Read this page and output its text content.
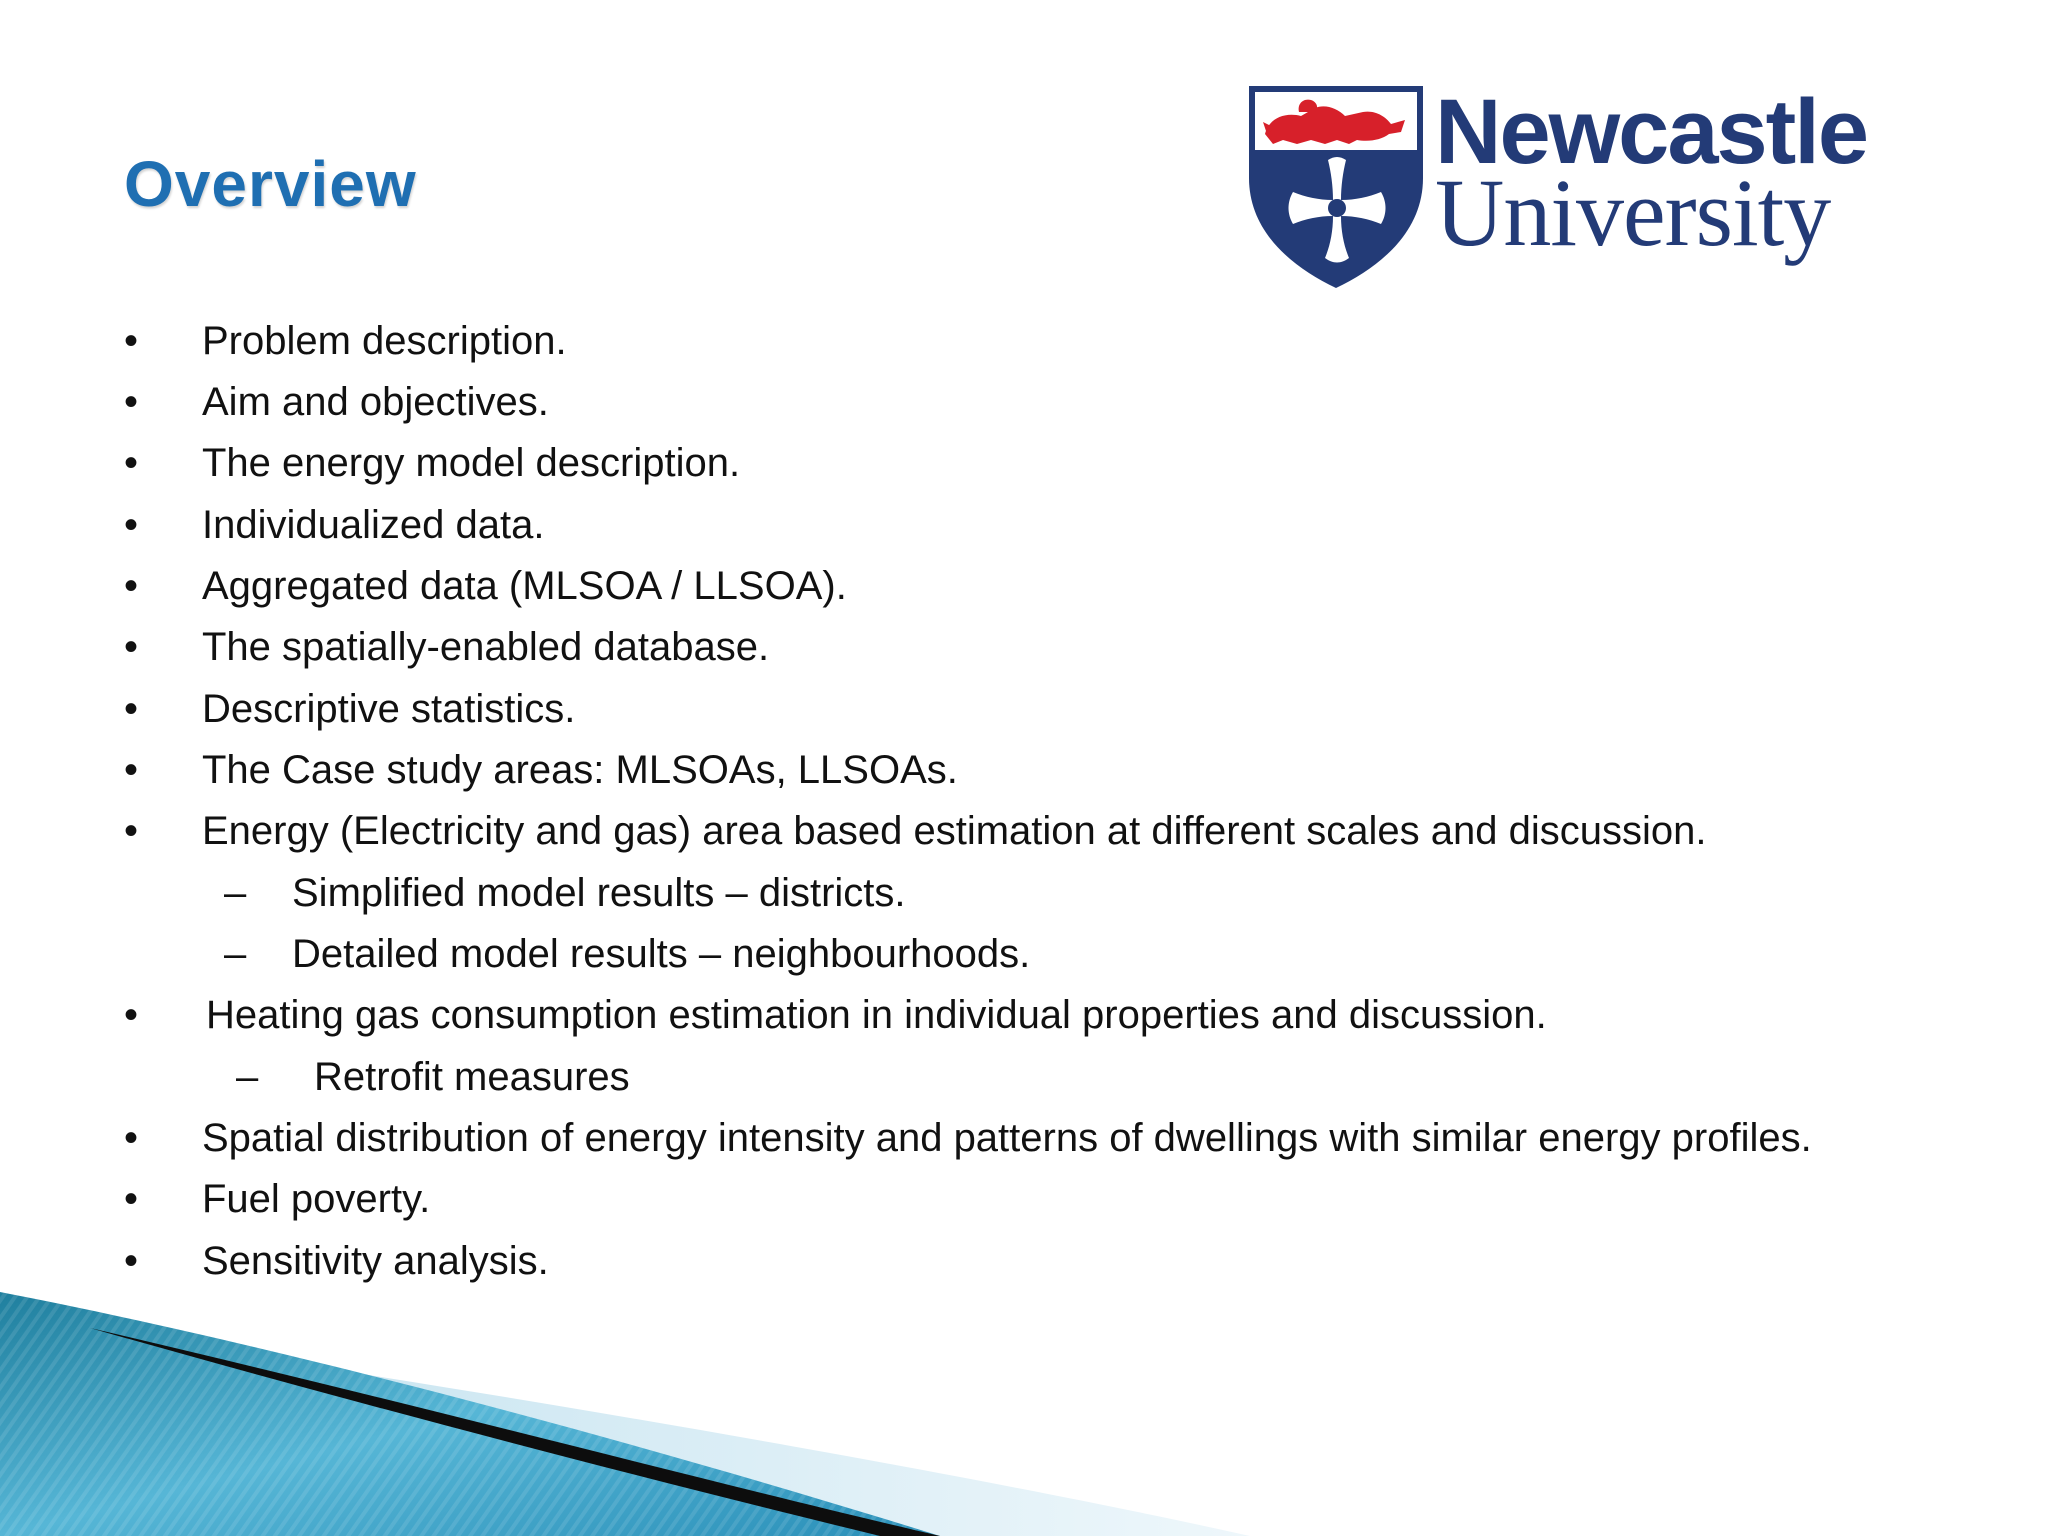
Overview
Newcastle
University
• Problem description.
• Aim and objectives.
• The energy model description.
• Individualized data.
• Aggregated data (MLSOA / LLSOA).
• The spatially-enabled database.
• Descriptive statistics.
• The Case study areas: MLSOAs, LLSOAs.
• Energy (Electricity and gas) area based estimation at different scales and discussion.
– Simplified model results – districts.
– Detailed model results – neighbourhoods.
• Heating gas consumption estimation in individual properties and discussion.
– Retrofit measures
• Spatial distribution of energy intensity and patterns of dwellings with similar energy profiles.
• Fuel poverty.
• Sensitivity analysis.
